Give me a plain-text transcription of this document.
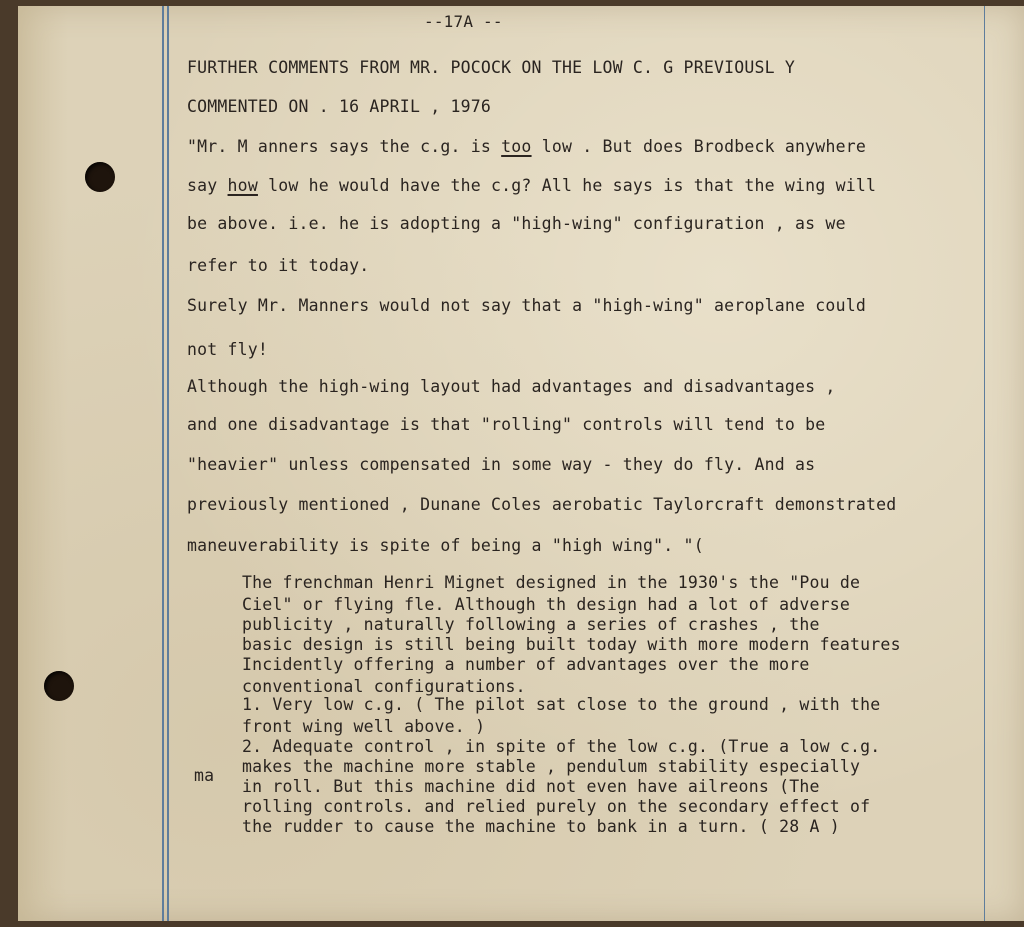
--17A --

FURTHER COMMENTS FROM MR. POCOCK ON THE LOW C. G PREVIOUSL Y

COMMENTED ON . 16 APRIL , 1976

"Mr. M anners says the c.g. is too low . But does Brodbeck anywhere

say how low he would have the c.g? All he says is that the wing will

be above. i.e. he is adopting a "high-wing" configuration , as we

refer to it today.

Surely Mr. Manners would not say that a "high-wing" aeroplane could

not fly!

Although the high-wing layout had advantages and disadvantages ,

and one disadvantage is that "rolling" controls will tend to be

"heavier" unless compensated in some way - they do fly. And as

previously mentioned , Dunane Coles aerobatic Taylorcraft demonstrated

maneuverability is spite of being a "high wing". "(

The frenchman Henri Mignet designed in the 1930's the "Pou de

Ciel" or flying fle. Although th design had a lot of adverse

publicity , naturally following a series of crashes , the

basic design is still being built today with more modern features

Incidently offering a number of advantages over the more

conventional configurations.

1. Very low c.g. ( The pilot sat close to the ground , with the

front wing well above. )

2. Adequate control , in spite of the low c.g. (True a low c.g.

makes the machine more stable , pendulum stability especially

in roll. But this machine did not even have ailreons (The

rolling controls. and relied purely on the secondary effect of

the rudder to cause the machine to bank in a turn. ( 28 A )

ma
